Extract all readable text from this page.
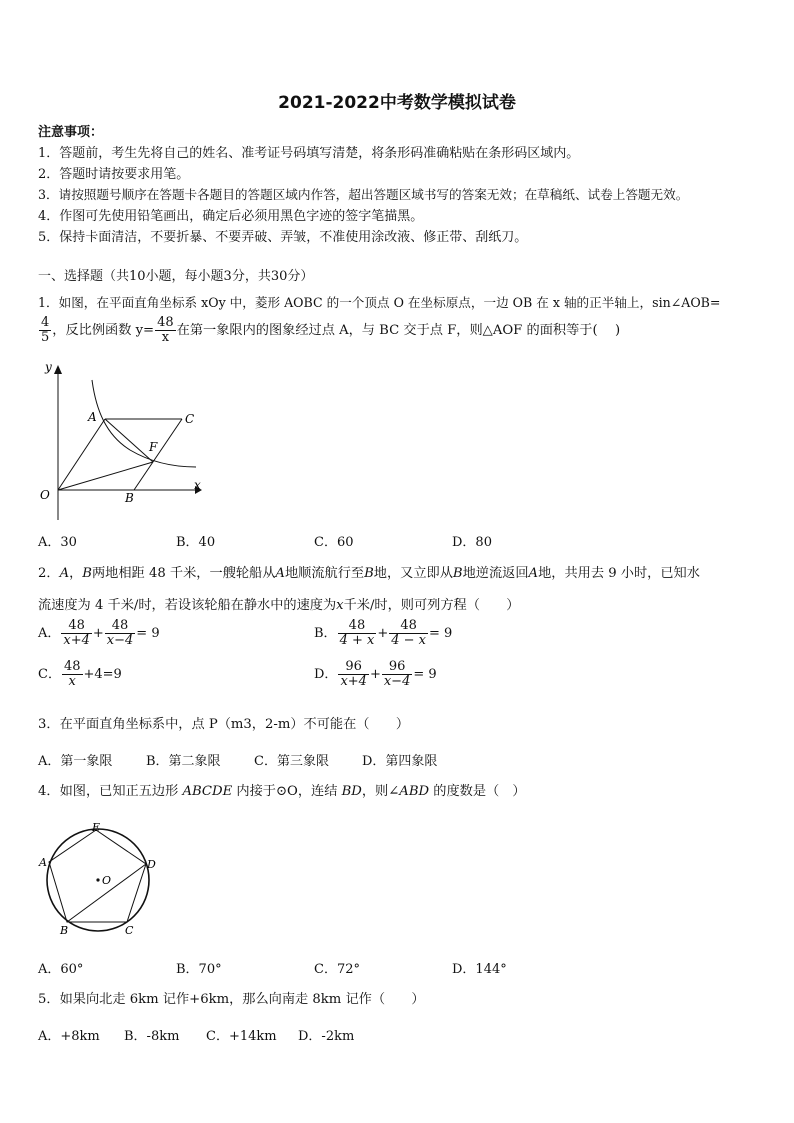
2021-2022中考数学模拟试卷
注意事项：
1．答题前，考生先将自己的姓名、准考证号码填写清楚，将条形码准确粘贴在条形码区域内。
2．答题时请按要求用笔。
3．请按照题号顺序在答题卡各题目的答题区域内作答，超出答题区域书写的答案无效；在草稿纸、试卷上答题无效。
4．作图可先使用铅笔画出，确定后必须用黑色字迹的签字笔描黑。
5．保持卡面清洁，不要折暴、不要弄破、弄皱，不准使用涂改液、修正带、刮纸刀。
一、选择题（共10小题，每小题3分，共30分）
1．如图，在平面直角坐标系 xOy 中，菱形 AOBC 的一个顶点 O 在坐标原点，一边 OB 在 x 轴的正半轴上，sin∠AOB=
$\frac{4}{5}$ ，反比例函数 $y= \frac{48}{x}$ 在第一象限内的图象经过点 A，与 BC 交于点 F，则△AOF 的面积等于(　 )
y
x
O
A
B
C
F
A．30	B．40	C．60	D．80
2．A，B两地相距 48 千米，一艘轮船从A地顺流航行至B地，又立即从B地逆流返回A地，共用去 9 小时，已知水
流速度为 4 千米/时，若设该轮船在静水中的速度为x千米/时，则可列方程（　　）
A． $\frac{48}{x+4} + \frac{48}{x-4} = 9$	B． $\frac{48}{4 + x} + \frac{48}{4 - x} = 9$
C． $\frac{48}{x} +4=9$	D． $\frac{96}{x+4} + \frac{96}{x-4} = 9$
3．在平面直角坐标系中，点 P（m3，2-m）不可能在（　　）
A．第一象限	B．第二象限	C．第三象限	D．第四象限
4．如图，已知正五边形 ABCDE 内接于⊙O，连结 BD，则∠ABD 的度数是（　）
E
A	D
B	C
O
A．60°	B．70°	C．72°	D．144°
5．如果向北走 6km 记作+6km，那么向南走 8km 记作（　　）
A．+8km B．-8km C．+14km D．-2km
